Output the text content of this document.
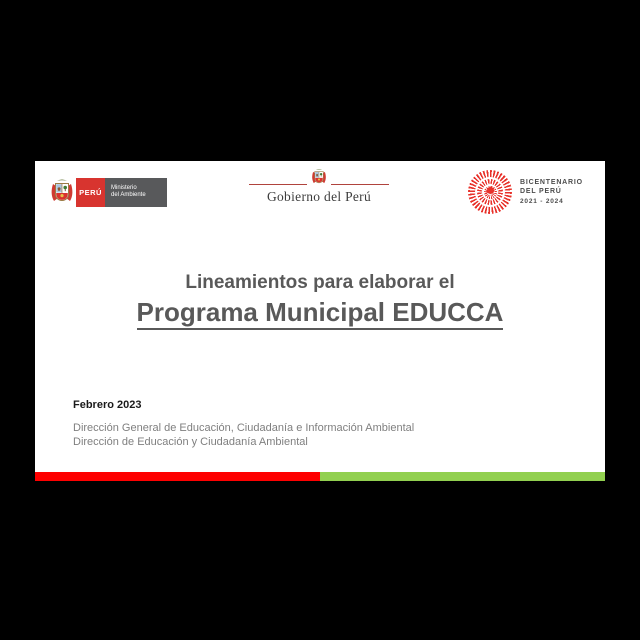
PERÚ Ministerio
del Ambiente	Gobierno del Perú
BICENTENARIO
DEL PERÚ
2021 - 2024
Lineamientos para elaborar el
Programa Municipal EDUCCA
Febrero 2023
Dirección General de Educación, Ciudadanía e Información Ambiental
Dirección de Educación y Ciudadanía Ambiental
